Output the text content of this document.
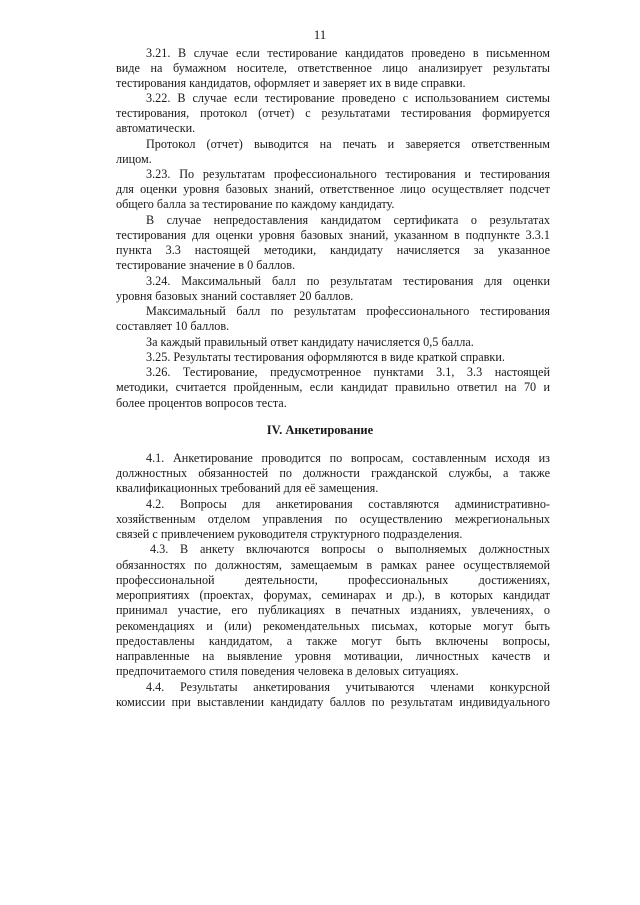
11
3.21. В случае если тестирование кандидатов проведено в письменном
виде на бумажном носителе, ответственное лицо анализирует результаты
тестирования кандидатов, оформляет и заверяет их в виде справки.
3.22. В случае если тестирование проведено с использованием системы
тестирования, протокол (отчет) с результатами тестирования формируется
автоматически.
Протокол (отчет) выводится на печать и заверяется ответственным
лицом.
3.23. По результатам профессионального тестирования и тестирования
для оценки уровня базовых знаний, ответственное лицо осуществляет подсчет
общего балла за тестирование по каждому кандидату.
В случае непредоставления кандидатом сертификата о результатах
тестирования для оценки уровня базовых знаний, указанном в подпункте 3.3.1
пункта 3.3 настоящей методики, кандидату начисляется за указанное
тестирование значение в 0 баллов.
3.24. Максимальный балл по результатам тестирования для оценки
уровня базовых знаний составляет 20 баллов.
Максимальный балл по результатам профессионального тестирования
составляет 10 баллов.
За каждый правильный ответ кандидату начисляется 0,5 балла.
3.25. Результаты тестирования оформляются в виде краткой справки.
3.26. Тестирование, предусмотренное пунктами 3.1, 3.3 настоящей
методики, считается пройденным, если кандидат правильно ответил на 70 и
более процентов вопросов теста.
IV. Анкетирование
4.1. Анкетирование проводится по вопросам, составленным исходя из
должностных обязанностей по должности гражданской службы, а также
квалификационных требований для её замещения.
4.2. Вопросы для анкетирования составляются административно-
хозяйственным отделом управления по осуществлению межрегиональных
связей с привлечением руководителя структурного подразделения.
4.3. В анкету включаются вопросы о выполняемых должностных
обязанностях по должностям, замещаемым в рамках ранее осуществляемой
профессиональной деятельности, профессиональных достижениях,
мероприятиях (проектах, форумах, семинарах и др.), в которых кандидат
принимал участие, его публикациях в печатных изданиях, увлечениях, о
рекомендациях и (или) рекомендательных письмах, которые могут быть
предоставлены кандидатом, а также могут быть включены вопросы,
направленные на выявление уровня мотивации, личностных качеств и
предпочитаемого стиля поведения человека в деловых ситуациях.
4.4. Результаты анкетирования учитываются членами конкурсной
комиссии при выставлении кандидату баллов по результатам индивидуального
